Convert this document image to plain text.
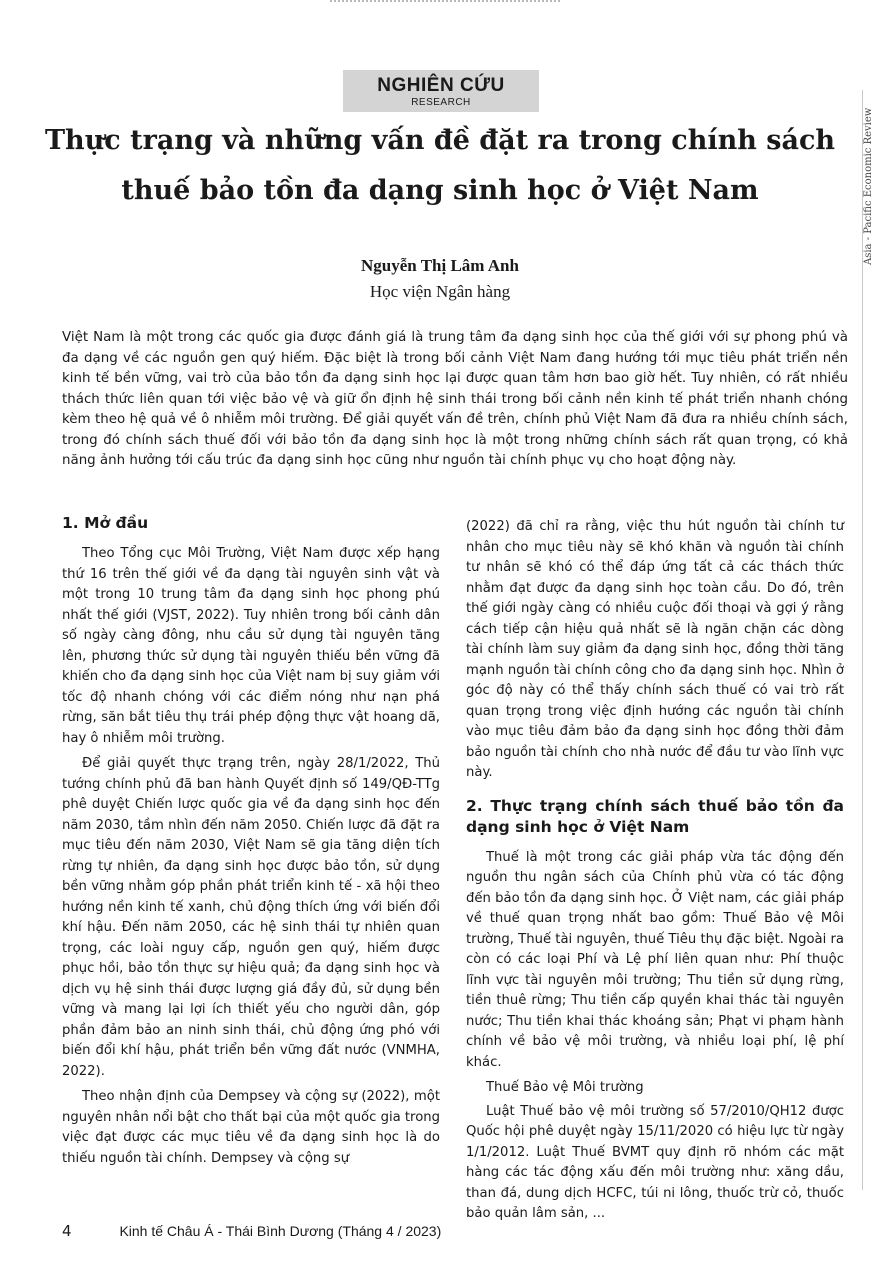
Asia - Pacific Economic Review
NGHIÊN CỨU
RESEARCH
Thực trạng và những vấn đề đặt ra trong chính sách
thuế bảo tồn đa dạng sinh học ở Việt Nam
Nguyễn Thị Lâm Anh
Học viện Ngân hàng
Việt Nam là một trong các quốc gia được đánh giá là trung tâm đa dạng sinh học của thế giới với sự phong phú và đa dạng về các nguồn gen quý hiếm. Đặc biệt là trong bối cảnh Việt Nam đang hướng tới mục tiêu phát triển nền kinh tế bền vững, vai trò của bảo tồn đa dạng sinh học lại được quan tâm hơn bao giờ hết. Tuy nhiên, có rất nhiều thách thức liên quan tới việc bảo vệ và giữ ổn định hệ sinh thái trong bối cảnh nền kinh tế phát triển nhanh chóng kèm theo hệ quả về ô nhiễm môi trường. Để giải quyết vấn đề trên, chính phủ Việt Nam đã đưa ra nhiều chính sách, trong đó chính sách thuế đối với bảo tồn đa dạng sinh học là một trong những chính sách rất quan trọng, có khả năng ảnh hưởng tới cấu trúc đa dạng sinh học cũng như nguồn tài chính phục vụ cho hoạt động này.
1. Mở đầu

Theo Tổng cục Môi Trường, Việt Nam được xếp hạng thứ 16 trên thế giới về đa dạng tài nguyên sinh vật và một trong 10 trung tâm đa dạng sinh học phong phú nhất thế giới (VJST, 2022). Tuy nhiên trong bối cảnh dân số ngày càng đông, nhu cầu sử dụng tài nguyên tăng lên, phương thức sử dụng tài nguyên thiếu bền vững đã khiến cho đa dạng sinh học của Việt nam bị suy giảm với tốc độ nhanh chóng với các điểm nóng như nạn phá rừng, săn bắt tiêu thụ trái phép động thực vật hoang dã, hay ô nhiễm môi trường.

Để giải quyết thực trạng trên, ngày 28/1/2022, Thủ tướng chính phủ đã ban hành Quyết định số 149/QĐ-TTg phê duyệt Chiến lược quốc gia về đa dạng sinh học đến năm 2030, tầm nhìn đến năm 2050. Chiến lược đã đặt ra mục tiêu đến năm 2030, Việt Nam sẽ gia tăng diện tích rừng tự nhiên, đa dạng sinh học được bảo tồn, sử dụng bền vững nhằm góp phần phát triển kinh tế - xã hội theo hướng nền kinh tế xanh, chủ động thích ứng với biến đổi khí hậu. Đến năm 2050, các hệ sinh thái tự nhiên quan trọng, các loài nguy cấp, nguồn gen quý, hiếm được phục hồi, bảo tồn thực sự hiệu quả; đa dạng sinh học và dịch vụ hệ sinh thái được lượng giá đầy đủ, sử dụng bền vững và mang lại lợi ích thiết yếu cho người dân, góp phần đảm bảo an ninh sinh thái, chủ động ứng phó với biến đổi khí hậu, phát triển bền vững đất nước (VNMHA, 2022).

Theo nhận định của Dempsey và cộng sự (2022), một nguyên nhân nổi bật cho thất bại của một quốc gia trong việc đạt được các mục tiêu về đa dạng sinh học là do thiếu nguồn tài chính. Dempsey và cộng sự

(2022) đã chỉ ra rằng, việc thu hút nguồn tài chính tư nhân cho mục tiêu này sẽ khó khăn và nguồn tài chính tư nhân sẽ khó có thể đáp ứng tất cả các thách thức nhằm đạt được đa dạng sinh học toàn cầu. Do đó, trên thế giới ngày càng có nhiều cuộc đối thoại và gợi ý rằng cách tiếp cận hiệu quả nhất sẽ là ngăn chặn các dòng tài chính làm suy giảm đa dạng sinh học, đồng thời tăng mạnh nguồn tài chính công cho đa dạng sinh học. Nhìn ở góc độ này có thể thấy chính sách thuế có vai trò rất quan trọng trong việc định hướng các nguồn tài chính vào mục tiêu đảm bảo đa dạng sinh học đồng thời đảm bảo nguồn tài chính cho nhà nước để đầu tư vào lĩnh vực này.

2. Thực trạng chính sách thuế bảo tồn đa dạng sinh học ở Việt Nam

Thuế là một trong các giải pháp vừa tác động đến nguồn thu ngân sách của Chính phủ vừa có tác động đến bảo tồn đa dạng sinh học. Ở Việt nam, các giải pháp về thuế quan trọng nhất bao gồm: Thuế Bảo vệ Môi trường, Thuế tài nguyên, thuế Tiêu thụ đặc biệt. Ngoài ra còn có các loại Phí và Lệ phí liên quan như: Phí thuộc lĩnh vực tài nguyên môi trường; Thu tiền sử dụng rừng, tiền thuê rừng; Thu tiền cấp quyền khai thác tài nguyên nước; Thu tiền khai thác khoáng sản; Phạt vi phạm hành chính về bảo vệ môi trường, và nhiều loại phí, lệ phí khác.

Thuế Bảo vệ Môi trường

Luật Thuế bảo vệ môi trường số 57/2010/QH12 được Quốc hội phê duyệt ngày 15/11/2020 có hiệu lực từ ngày 1/1/2012. Luật Thuế BVMT quy định rõ nhóm các mặt hàng các tác động xấu đến môi trường như: xăng dầu, than đá, dung dịch HCFC, túi ni lông, thuốc trừ cỏ, thuốc bảo quản lâm sản, ...

4	Kinh tế Châu Á - Thái Bình Dương (Tháng 4 / 2023)
